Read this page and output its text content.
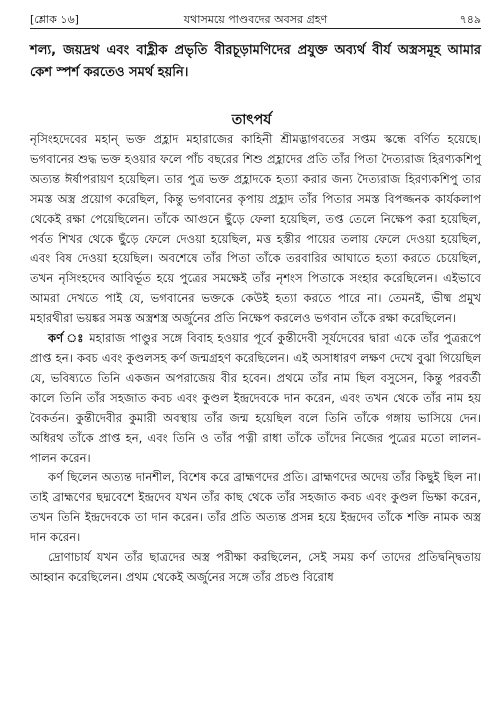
[শ্লোক ১৬]	যথাসময়ে পাণ্ডবদের অবসর গ্রহণ	৭৪৯
শল্য, জয়দ্রথ এবং বাহ্লীক প্রভৃতি বীরচূড়ামণিদের প্রযুক্ত অব্যর্থ বীর্য অস্ত্রসমূহ আমার কেশ স্পর্শ করতেও সমর্থ হয়নি।
তাৎপর্য

নৃসিংহদেবের মহান্ ভক্ত প্রহ্লাদ মহারাজের কাহিনী শ্রীমদ্ভাগবতের সপ্তম স্কন্ধে বর্ণিত হয়েছে। ভগবানের শুদ্ধ ভক্ত হওয়ার ফলে পাঁচ বছরের শিশু প্রহ্লাদের প্রতি তাঁর পিতা দৈত্যরাজ হিরণ্যকশিপু অত্যন্ত ঈর্ষাপরায়ণ হয়েছিল। তার পুত্র ভক্ত প্রহ্লাদকে হত্যা করার জন্য দৈত্যরাজ হিরণ্যকশিপু তার সমস্ত অস্ত্র প্রয়োগ করেছিল, কিন্তু ভগবানের কৃপায় প্রহ্লাদ তাঁর পিতার সমস্ত বিপজ্জনক কার্যকলাপ থেকেই রক্ষা পেয়েছিলেন। তাঁকে আগুনে ছুঁড়ে ফেলা হয়েছিল, তপ্ত তেলে নিক্ষেপ করা হয়েছিল, পর্বত শিখর থেকে ছুঁড়ে ফেলে দেওয়া হয়েছিল, মত্ত হস্তীর পায়ের তলায় ফেলে দেওয়া হয়েছিল, এবং বিষ দেওয়া হয়েছিল। অবশেষে তাঁর পিতা তাঁকে তরবারির আঘাতে হত্যা করতে চেয়েছিল, তখন নৃসিংহদেব আবির্ভূত হয়ে পুত্রের সমক্ষেই তাঁর নৃশংস পিতাকে সংহার করেছিলেন। এইভাবে আমরা দেখতে পাই যে, ভগবানের ভক্তকে কেউই হত্যা করতে পারে না। তেমনই, ভীষ্ম প্রমুখ মহারথীরা ভয়ঙ্কর সমস্ত অস্ত্রশস্ত্র অর্জুনের প্রতি নিক্ষেপ করলেও ভগবান তাঁকে রক্ষা করেছিলেন।

কর্ণ ঃ মহারাজ পাণ্ডুর সঙ্গে বিবাহ হওয়ার পূর্বে কুন্তীদেবী সূর্যদেবের দ্বারা একে তাঁর পুত্ররূপে প্রাপ্ত হন। কবচ এবং কুণ্ডলসহ কর্ণ জন্মগ্রহণ করেছিলেন। এই অসাধারণ লক্ষণ দেখে বুঝা গিয়েছিল যে, ভবিষ্যতে তিনি একজন অপরাজেয় বীর হবেন। প্রথমে তাঁর নাম ছিল বসুসেন, কিন্তু পরবর্তী কালে তিনি তাঁর সহজাত কবচ এবং কুণ্ডল ইন্দ্রদেবকে দান করেন, এবং তখন থেকে তাঁর নাম হয় বৈকর্তন। কুন্তীদেবীর কুমারী অবস্থায় তাঁর জন্ম হয়েছিল বলে তিনি তাঁকে গঙ্গায় ভাসিয়ে দেন। অধিরথ তাঁকে প্রাপ্ত হন, এবং তিনি ও তাঁর পত্নী রাধা তাঁকে তাঁদের নিজের পুত্রের মতো লালন-পালন করেন।

কর্ণ ছিলেন অত্যন্ত দানশীল, বিশেষ করে ব্রাহ্মণদের প্রতি। ব্রাহ্মণদের অদেয় তাঁর কিছুই ছিল না। তাই ব্রাহ্মণের ছদ্মবেশে ইন্দ্রদেব যখন তাঁর কাছ থেকে তাঁর সহজাত কবচ এবং কুণ্ডল ভিক্ষা করেন, তখন তিনি ইন্দ্রদেবকে তা দান করেন। তাঁর প্রতি অত্যন্ত প্রসন্ন হয়ে ইন্দ্রদেব তাঁকে শক্তি নামক অস্ত্র দান করেন।

দ্রোণাচার্য যখন তাঁর ছাত্রদের অস্ত্র পরীক্ষা করছিলেন, সেই সময় কর্ণ তাদের প্রতিদ্বন্দ্বিতায় আহ্বান করেছিলেন। প্রথম থেকেই অর্জুনের সঙ্গে তাঁর প্রচণ্ড বিরোধ
